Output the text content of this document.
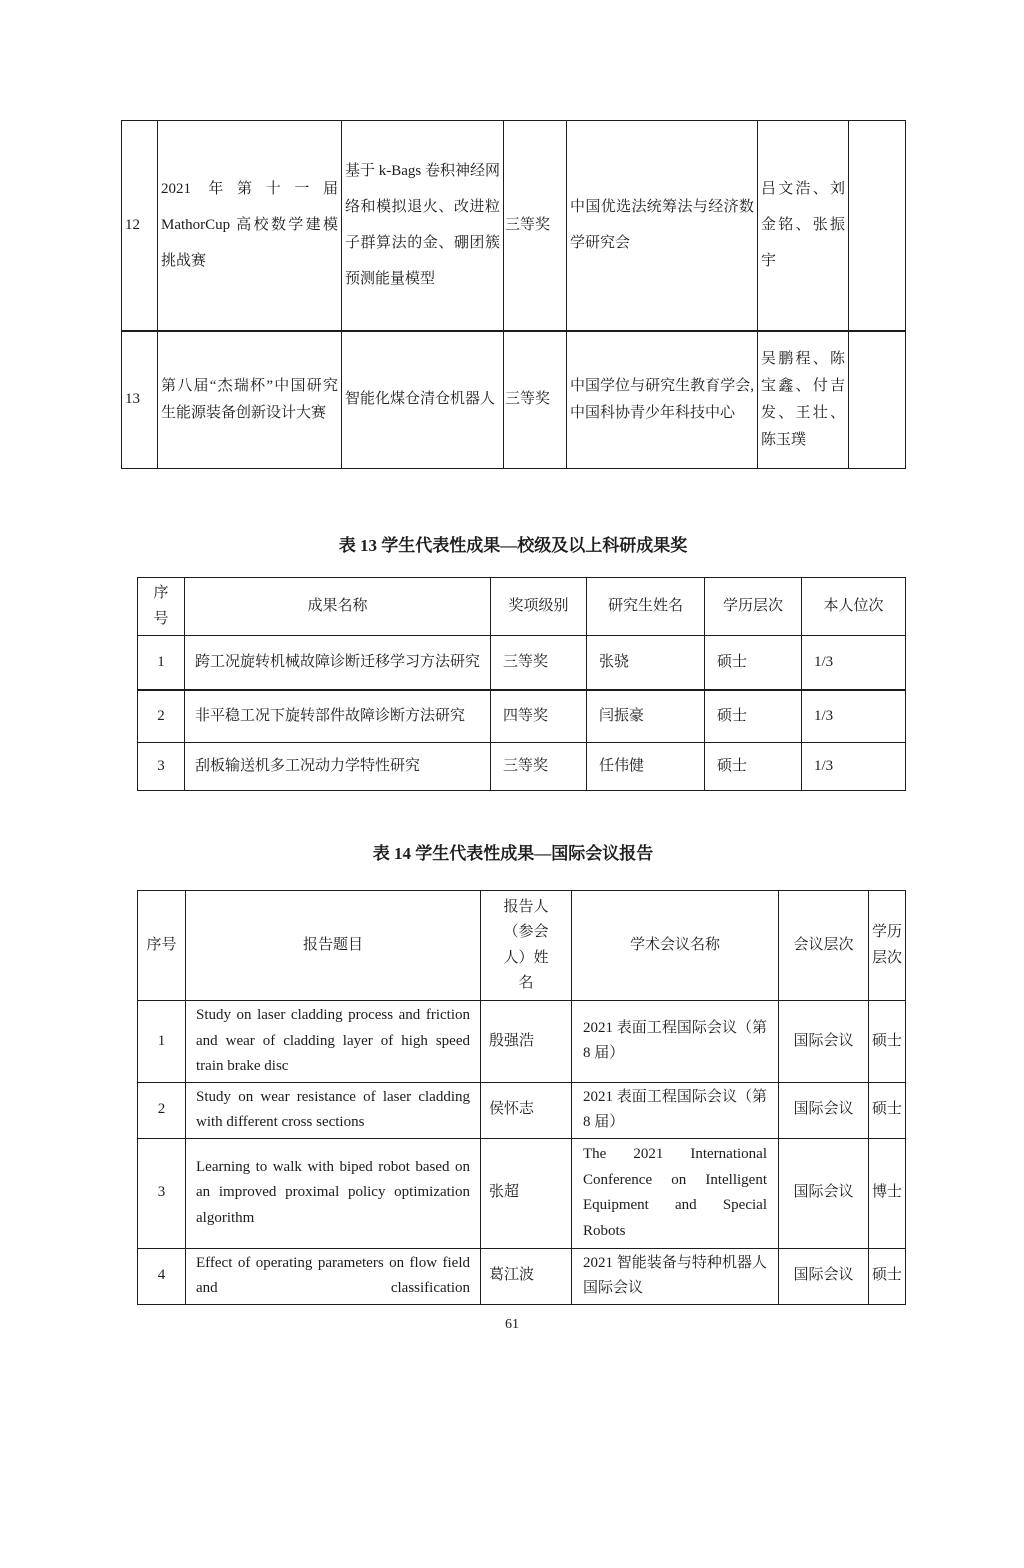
12	2021 年第十一届 MathorCup 高校数学建模挑战赛	基于 k-Bags 卷积神经网络和模拟退火、改进粒子群算法的金、硼团簇预测能量模型	三等奖	中国优选法统筹法与经济数学研究会	吕文浩、刘金铭、张振宇	
13	第八届“杰瑞杯”中国研究生能源装备创新设计大赛	智能化煤仓清仓机器人	三等奖	中国学位与研究生教育学会,中国科协青少年科技中心	吴鹏程、陈宝鑫、付吉发、王壮、陈玉璞	
表 13 学生代表性成果—校级及以上科研成果奖
序号	成果名称	奖项级别	研究生姓名	学历层次	本人位次
1	跨工况旋转机械故障诊断迁移学习方法研究	三等奖	张骁	硕士	1/3
2	非平稳工况下旋转部件故障诊断方法研究	四等奖	闫振豪	硕士	1/3
3	刮板输送机多工况动力学特性研究	三等奖	任伟健	硕士	1/3
表 14 学生代表性成果—国际会议报告
序号	报告题目	报告人（参会人）姓名	学术会议名称	会议层次	学历层次
1	Study on laser cladding process and friction and wear of cladding layer of high speed train brake disc	殷强浩	2021 表面工程国际会议（第 8 届）	国际会议	硕士
2	Study on wear resistance of laser cladding with different cross sections	侯怀志	2021 表面工程国际会议（第 8 届）	国际会议	硕士
3	Learning to walk with biped robot based on an improved proximal policy optimization algorithm	张超	The 2021 International Conference on Intelligent Equipment and Special Robots	国际会议	博士
4	Effect of operating parameters on flow field and classification	葛江波	2021 智能装备与特种机器人国际会议	国际会议	硕士
61
